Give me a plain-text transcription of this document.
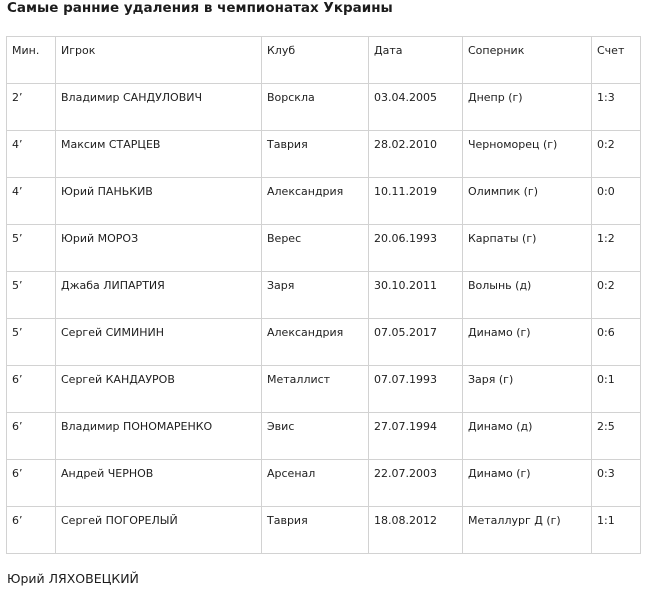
Самые ранние удаления в чемпионатах Украины
Мин.	Игрок	Клуб	Дата	Соперник	Счет

2’	Владимир САНДУЛОВИЧ	Ворскла	03.04.2005	Днепр (г)	1:3

4’	Максим СТАРЦЕВ	Таврия	28.02.2010	Черноморец (г)	0:2

4’	Юрий ПАНЬКИВ	Александрия	10.11.2019	Олимпик (г)	0:0

5’	Юрий МОРОЗ	Верес	20.06.1993	Карпаты (г)	1:2

5’	Джаба ЛИПАРТИЯ	Заря	30.10.2011	Волынь (д)	0:2

5’	Сергей СИМИНИН	Александрия	07.05.2017	Динамо (г)	0:6

6’	Сергей КАНДАУРОВ	Металлист	07.07.1993	Заря (г)	0:1

6’	Владимир ПОНОМАРЕНКО	Эвис	27.07.1994	Динамо (д)	2:5

6’	Андрей ЧЕРНОВ	Арсенал	22.07.2003	Динамо (г)	0:3

6’	Сергей ПОГОРЕЛЫЙ	Таврия	18.08.2012	Металлург Д (г)	1:1
Юрий ЛЯХОВЕЦКИЙ
